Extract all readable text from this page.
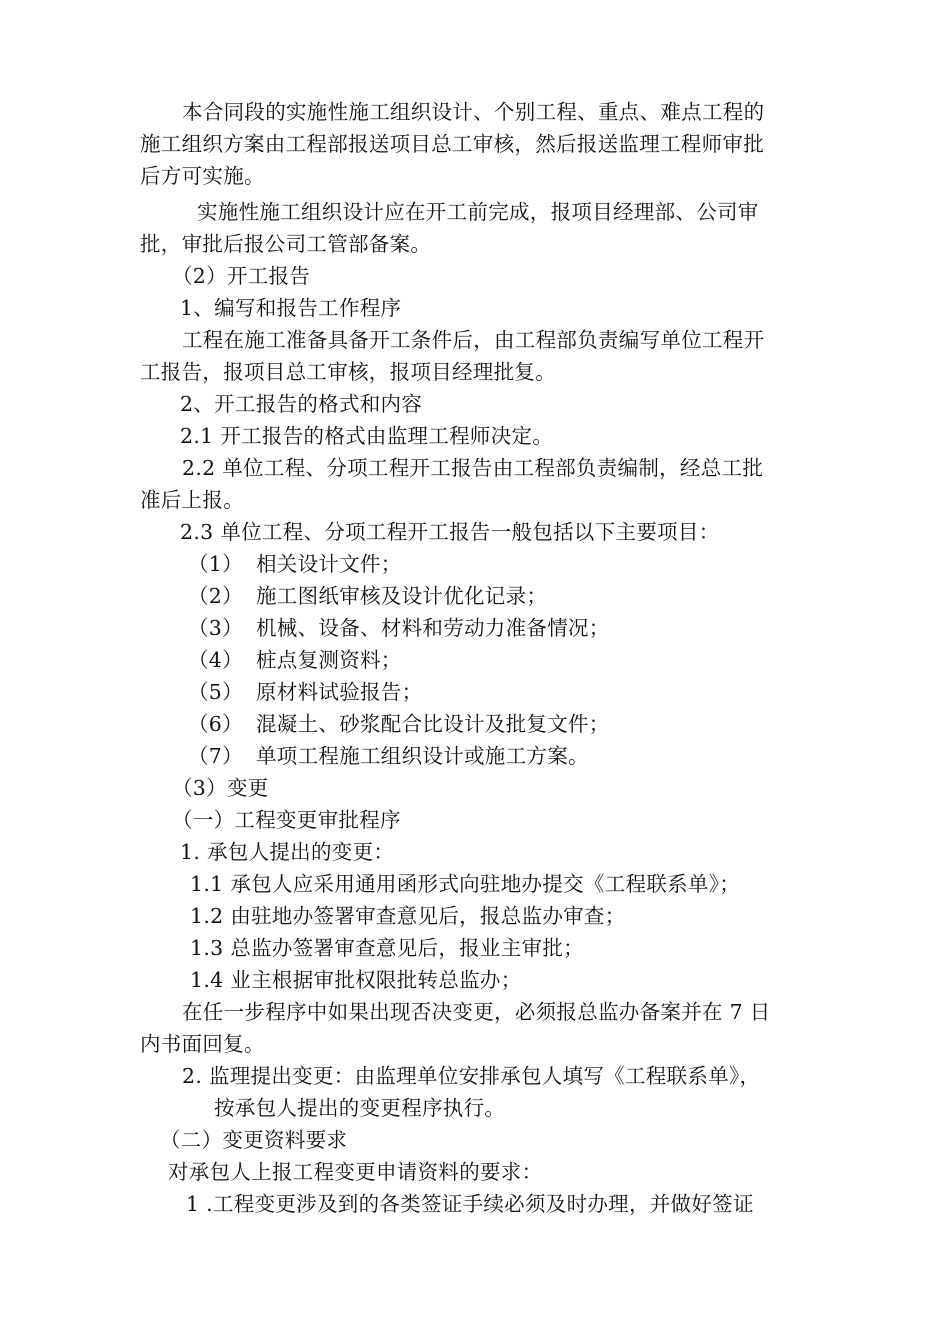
本合同段的实施性施工组织设计、个别工程、重点、难点工程的
施工组织方案由工程部报送项目总工审核，然后报送监理工程师审批
后方可实施。
实施性施工组织设计应在开工前完成，报项目经理部、公司审
批，审批后报公司工管部备案。
（2）开工报告
1、编写和报告工作程序
工程在施工准备具备开工条件后，由工程部负责编写单位工程开
工报告，报项目总工审核，报项目经理批复。
2、开工报告的格式和内容
2.1 开工报告的格式由监理工程师决定。
2.2 单位工程、分项工程开工报告由工程部负责编制，经总工批
准后上报。
2.3 单位工程、分项工程开工报告一般包括以下主要项目：
（1） 相关设计文件；
（2） 施工图纸审核及设计优化记录；
（3） 机械、设备、材料和劳动力准备情况；
（4） 桩点复测资料；
（5） 原材料试验报告；
（6） 混凝土、砂浆配合比设计及批复文件；
（7） 单项工程施工组织设计或施工方案。
（3）变更
（一）工程变更审批程序
1. 承包人提出的变更：
1.1 承包人应采用通用函形式向驻地办提交《工程联系单》；
1.2 由驻地办签署审查意见后，报总监办审查；
1.3 总监办签署审查意见后，报业主审批；
1.4 业主根据审批权限批转总监办；
在任一步程序中如果出现否决变更，必须报总监办备案并在 7 日
内书面回复。
2. 监理提出变更：由监理单位安排承包人填写《工程联系单》，
按承包人提出的变更程序执行。
（二）变更资料要求
对承包人上报工程变更申请资料的要求：
1 .工程变更涉及到的各类签证手续必须及时办理，并做好签证
